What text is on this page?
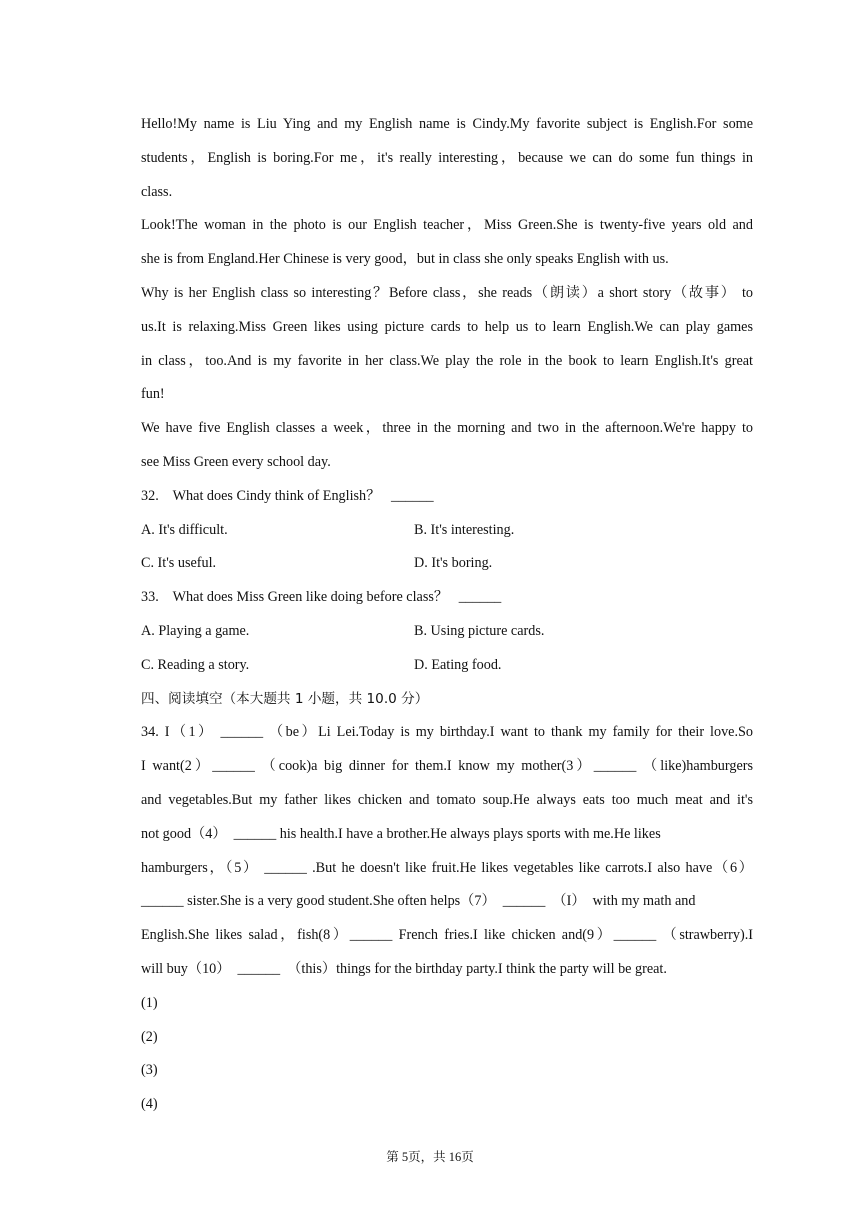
Hello!My name is Liu Ying and my English name is Cindy.My favorite subject is English.For some
students，English is boring.For me，it's really interesting，because we can do some fun things in
class.
Look!The woman in the photo is our English teacher，Miss Green.She is twenty-five years old and
she is from England.Her Chinese is very good，but in class she only speaks English with us.
Why is her English class so interesting？Before class，she reads（朗读）a short story（故事） to
us.It is relaxing.Miss Green likes using picture cards to help us to learn English.We can play games
in class，too.And is my favorite in her class.We play the role in the book to learn English.It's great
fun!
We have five English classes a week，three in the morning and two in the afternoon.We're happy to
see Miss Green every school day.
32.    What does Cindy think of English？   ______
A. It's difficult.	B. It's interesting.
C. It's useful.	D. It's boring.
33.    What does Miss Green like doing before class？   ______
A. Playing a game.	B. Using picture cards.
C. Reading a story.	D. Eating food.
四、阅读填空（本大题共 1 小题，共 10.0 分）
34. I（1） ______ （be）Li Lei.Today is my birthday.I want to thank my family for their love.So
I want(2）______ （cook)a big dinner for them.I know my mother(3）______ （like)hamburgers
and vegetables.But my father likes chicken and tomato soup.He always eats too much meat and it's
not good（4）  ______ his health.I have a brother.He always plays sports with me.He likes
hamburgers，（5） ______ .But he doesn't like fruit.He likes vegetables like carrots.I also have（6）
______ sister.She is a very good student.She often helps（7）  ______  （I）  with my math and
English.She likes salad，fish(8）______ French fries.I like chicken and(9）______ （strawberry).I
will buy（10）  ______  （this）things for the birthday party.I think the party will be great.
(1)
(2)
(3)
(4)
第 5页，共 16页
